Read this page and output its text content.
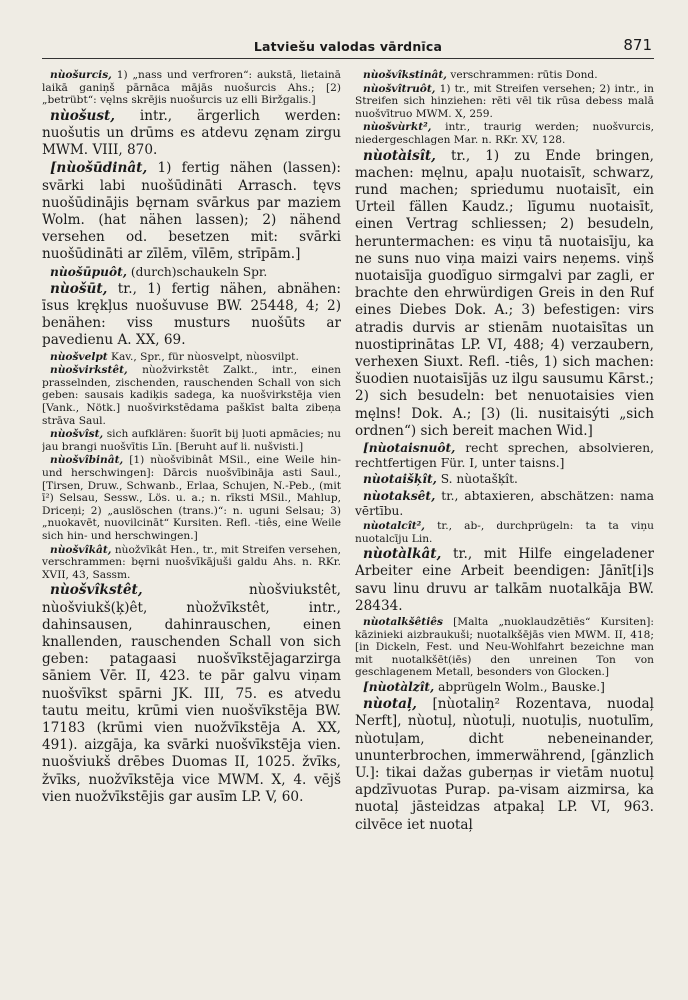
Latviešu valodas vārdnīca	871

nùošurcis, 1) „nass und verfroren“: aukstā, lietainā laikā ganiņš pārnāca mājās nuošurcis Ahs.; [2) „betrübt“: vęlns skrējis nuošurcis uz elli Biržgalis.]

nùošust, intr., ärgerlich werden: nuošutis un drūms es atdevu zęnam zirgu MWM. VIII, 870.

[nùošūdinât, 1) fertig nähen (lassen): svārki labi nuošūdināti Arrasch. tęvs nuošūdinājis bęrnam svārkus par maziem Wolm. (hat nähen lassen); 2) nähend versehen od. besetzen mit: svārki nuošūdināti ar zīlēm, vīlēm, strīpām.]

nùošūpuôt, (durch)schaukeln Spr.

nùošūt, tr., 1) fertig nähen, abnähen: īsus krękļus nuošuvuse BW. 25448, 4; 2) benähen: viss musturs nuošūts ar pavedienu A. XX, 69.

nùošvelpt Kav., Spr., für nùosvelpt, nùosvilpt.

nùošvirkstêt, nùožvirkstêt Zalkt., intr., einen prasselnden, zischenden, rauschenden Schall von sich geben: sausais kadiķis sadega, ka nuošvirkstēja vien [Vank., Nötk.] nuošvirkstēdama paškīst balta zibeņa strāva Saul.

nùošvîst, sich aufklären: šuorīt bij ļuoti apmācies; nu jau brangi nuošvītis Līn. [Beruht auf li. nušvisti.]

nùošvîbinât, [1) nùošvibinât MSil., eine Weile hin- und herschwingen]: Dārcis nuošvībināja asti Saul., [Tirsen, Druw., Schwanb., Erlaa, Schujen, N.-Peb., (mit ī²) Selsau, Sessw., Lös. u. a.; n. rīksti MSil., Mahlup, Driceņi; 2) „auslöschen (trans.)“: n. uguni Selsau; 3) „nuokavēt, nuovilcināt“ Kursiten. Refl. -tiês, eine Weile sich hin- und herschwingen.]

nùošvîkât, nùožvīkât Hen., tr., mit Streifen versehen, verschrammen: bęrni nuošvīkājuši galdu Ahs. n. RKr. XVII, 43, Sassm.

nùošvîkstêt,	nùošviukstêt, nùošviukš(ķ)êt, nùožvīkstêt, intr., dahinsausen, dahinrauschen, einen knallenden, rauschenden Schall von sich geben: patagaasi nuošvīkstējagarzirga sāniem Vēr. II, 423. te pār galvu viņam nuošvīkst spārni JK. III, 75. es atvedu tautu meitu, krūmi vien nuošvīkstēja BW. 17183 (krūmi vien nuožvīkstēja A. XX, 491). aizgāja, ka svārki nuošvīkstēja vien. nuošviukš drēbes Duomas II, 1025. žvīks, žvīks, nuožvīkstēja vice MWM. X, 4. vējš vien nuožvīkstējis gar ausīm LP. V, 60.

nùošvîkstinât, verschrammen: rūtis Dond.

nùošvîtruôt, 1) tr., mit Streifen versehen; 2) intr., in Streifen sich hinziehen: rēti vēl tik rūsa debess malā nuošvītruo MWM. X, 259.

nùošvùrkt², intr., traurig werden; nuošvurcis, niedergeschlagen Mar. n. RKr. XV, 128.

nùotàisît, tr., 1) zu Ende bringen, machen: męlnu, apaļu nuotaisīt, schwarz, rund machen; spriedumu nuotaisīt, ein Urteil fällen Kaudz.; līgumu nuotaisīt, einen Vertrag schliessen; 2) besudeln, heruntermachen: es viņu tā nuotaisīju, ka ne suns nuo viņa maizi vairs neņems. viņš nuotaisīja guodīguo sirmgalvi par zagli, er brachte den ehrwürdigen Greis in den Ruf eines Diebes Dok. A.; 3) befestigen: virs atradis durvis ar stienām nuotaisītas un nuostiprinātas LP. VI, 488; 4) verzaubern, verhexen Siuxt. Refl. -tiês, 1) sich machen: šuodien nuotaisījās uz ilgu sausumu Kārst.; 2) sich besudeln: bet nenuotaisies vien męlns! Dok. A.; [3) (li. nusitaisýti „sich ordnen“) sich bereit machen Wid.]

[nùotaisnuôt, recht sprechen, absolvieren, rechtfertigen Für. I, unter taisns.]

nùotaišķît, S. nùotašķît.

nùotaksêt, tr., abtaxieren, abschätzen: nama vērtību.

nùotalcît², tr., ab-, durchprügeln: ta ta viņu nuotalcīju Lin.

nùotàlkât, tr., mit Hilfe eingeladener Arbeiter eine Arbeit beendigen: Jānīt[i]s savu linu druvu ar talkām nuotalkāja BW. 28434.

nùotalkšêtiês [Malta „nuoklaudzētiēs“ Kursiten]: kāzinieki aizbraukuši; nuotalkšējās vien MWM. II, 418; [in Dickeln, Fest. und Neu-Wohlfahrt bezeichne man mit nuotalkšēt(iēs) den unreinen Ton von geschlagenem Metall, besonders von Glocken.]

[nùotàlzît, abprügeln Wolm., Bauske.]

nùotaļ, [nùotaliņ² Rozentava, nuodaļ Nerft], nùotuļ, nùotuļi, nuotuļis, nuotulīm, nùotuļam, dicht nebeneinander, ununterbrochen, immerwährend, [gänzlich U.]: tikai dažas guberņas ir vietām nuotuļ apdzīvuotas Purap. pa-visam aizmirsa, ka nuotaļ jāsteidzas atpakaļ LP. VI, 963. cilvēce iet nuotaļ
